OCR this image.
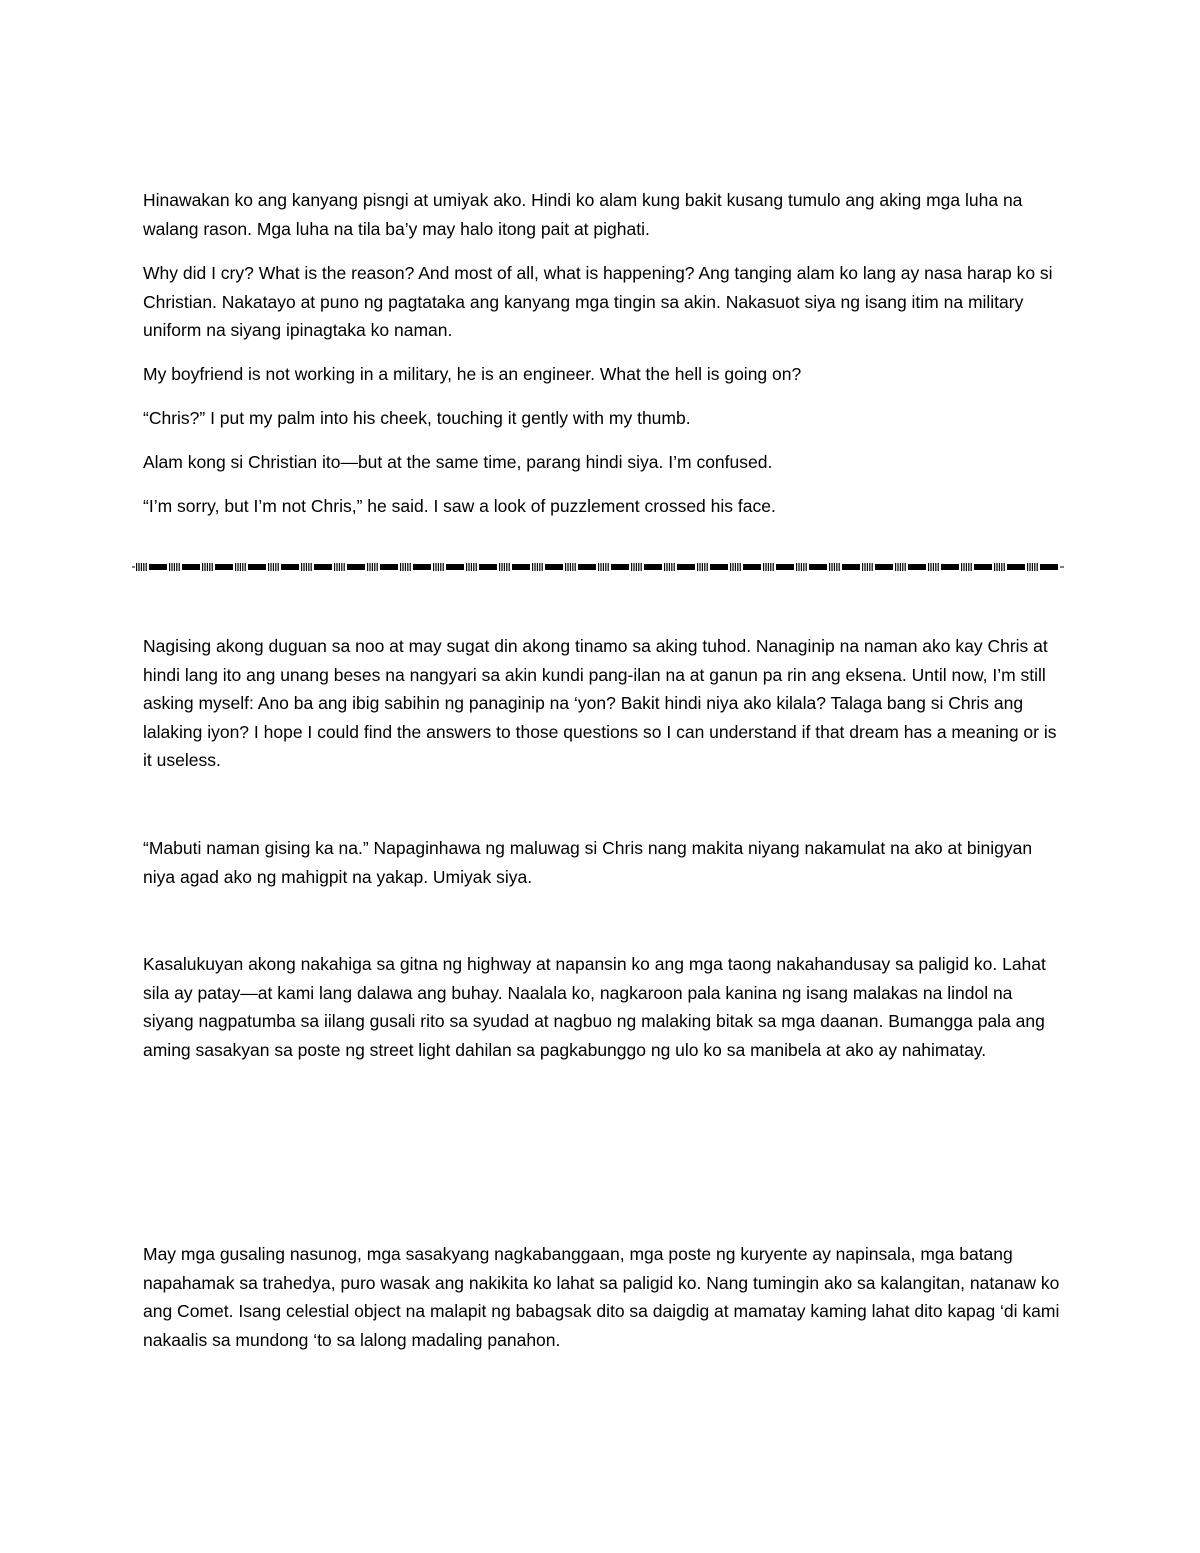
Hinawakan ko ang kanyang pisngi at umiyak ako. Hindi ko alam kung bakit kusang tumulo ang aking mga luha na walang rason. Mga luha na tila ba’y may halo itong pait at pighati.

Why did I cry? What is the reason? And most of all, what is happening? Ang tanging alam ko lang ay nasa harap ko si Christian. Nakatayo at puno ng pagtataka ang kanyang mga tingin sa akin. Nakasuot siya ng isang itim na military uniform na siyang ipinagtaka ko naman.

My boyfriend is not working in a military, he is an engineer. What the hell is going on?

“Chris?” I put my palm into his cheek, touching it gently with my thumb.

Alam kong si Christian ito—but at the same time, parang hindi siya. I’m confused.

“I’m sorry, but I’m not Chris,” he said. I saw a look of puzzlement crossed his face.

Nagising akong duguan sa noo at may sugat din akong tinamo sa aking tuhod. Nanaginip na naman ako kay Chris at hindi lang ito ang unang beses na nangyari sa akin kundi pang-ilan na at ganun pa rin ang eksena. Until now, I’m still asking myself: Ano ba ang ibig sabihin ng panaginip na ‘yon? Bakit hindi niya ako kilala? Talaga bang si Chris ang lalaking iyon? I hope I could find the answers to those questions so I can understand if that dream has a meaning or is it useless.

“Mabuti naman gising ka na.” Napaginhawa ng maluwag si Chris nang makita niyang nakamulat na ako at binigyan niya agad ako ng mahigpit na yakap. Umiyak siya.

Kasalukuyan akong nakahiga sa gitna ng highway at napansin ko ang mga taong nakahandusay sa paligid ko. Lahat sila ay patay—at kami lang dalawa ang buhay. Naalala ko, nagkaroon pala kanina ng isang malakas na lindol na siyang nagpatumba sa iilang gusali rito sa syudad at nagbuo ng malaking bitak sa mga daanan. Bumangga pala ang aming sasakyan sa poste ng street light dahilan sa pagkabunggo ng ulo ko sa manibela at ako ay nahimatay.

May mga gusaling nasunog, mga sasakyang nagkabanggaan, mga poste ng kuryente ay napinsala, mga batang napahamak sa trahedya, puro wasak ang nakikita ko lahat sa paligid ko. Nang tumingin ako sa kalangitan, natanaw ko ang Comet. Isang celestial object na malapit ng babagsak dito sa daigdig at mamatay kaming lahat dito kapag ‘di kami nakaalis sa mundong ‘to sa lalong madaling panahon.
